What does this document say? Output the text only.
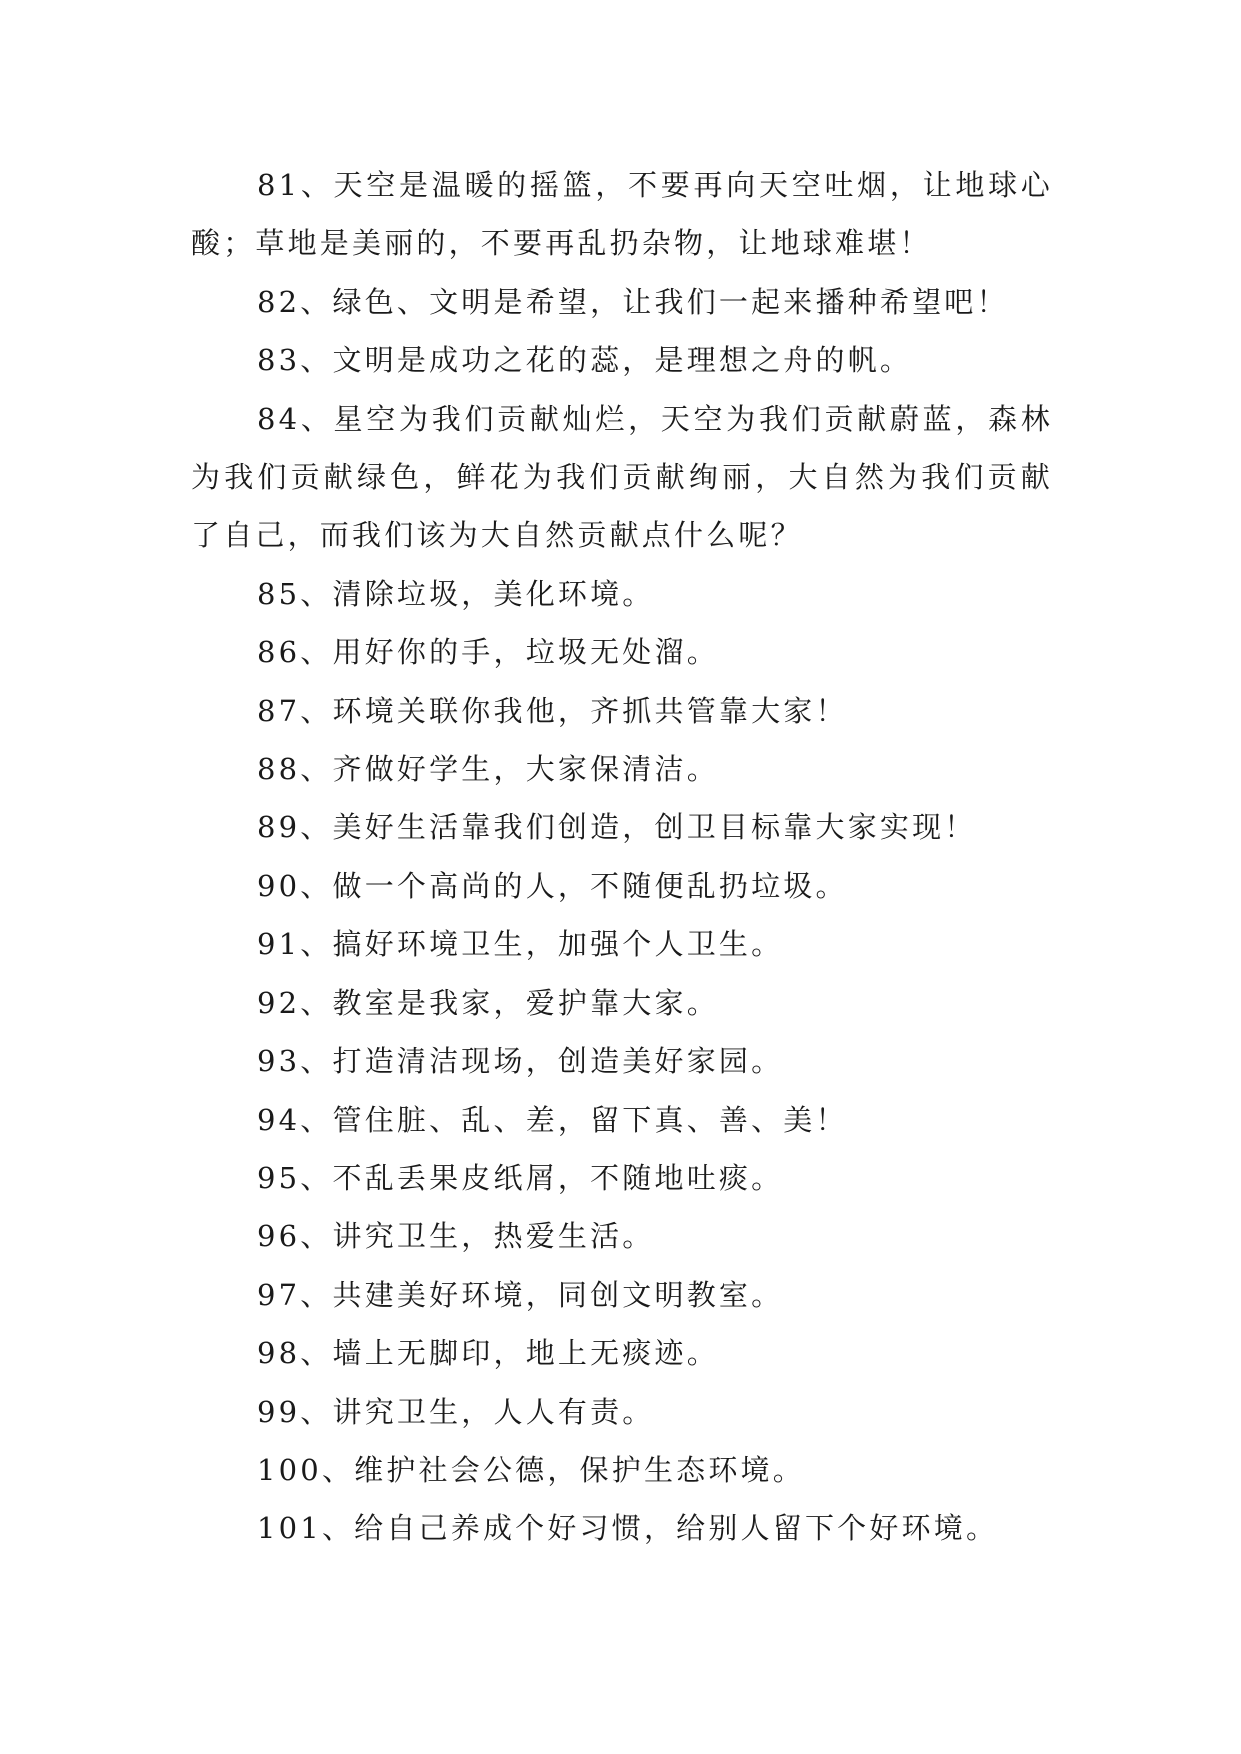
81、天空是温暖的摇篮，不要再向天空吐烟，让地球心酸；草地是美丽的，不要再乱扔杂物，让地球难堪！

82、绿色、文明是希望，让我们一起来播种希望吧！

83、文明是成功之花的蕊，是理想之舟的帆。

84、星空为我们贡献灿烂，天空为我们贡献蔚蓝，森林为我们贡献绿色，鲜花为我们贡献绚丽，大自然为我们贡献了自己，而我们该为大自然贡献点什么呢？

85、清除垃圾，美化环境。

86、用好你的手，垃圾无处溜。

87、环境关联你我他，齐抓共管靠大家！

88、齐做好学生，大家保清洁。

89、美好生活靠我们创造，创卫目标靠大家实现！

90、做一个高尚的人，不随便乱扔垃圾。

91、搞好环境卫生，加强个人卫生。

92、教室是我家，爱护靠大家。

93、打造清洁现场，创造美好家园。

94、管住脏、乱、差，留下真、善、美！

95、不乱丢果皮纸屑，不随地吐痰。

96、讲究卫生，热爱生活。

97、共建美好环境，同创文明教室。

98、墙上无脚印，地上无痰迹。

99、讲究卫生，人人有责。

100、维护社会公德，保护生态环境。

101、给自己养成个好习惯，给别人留下个好环境。
